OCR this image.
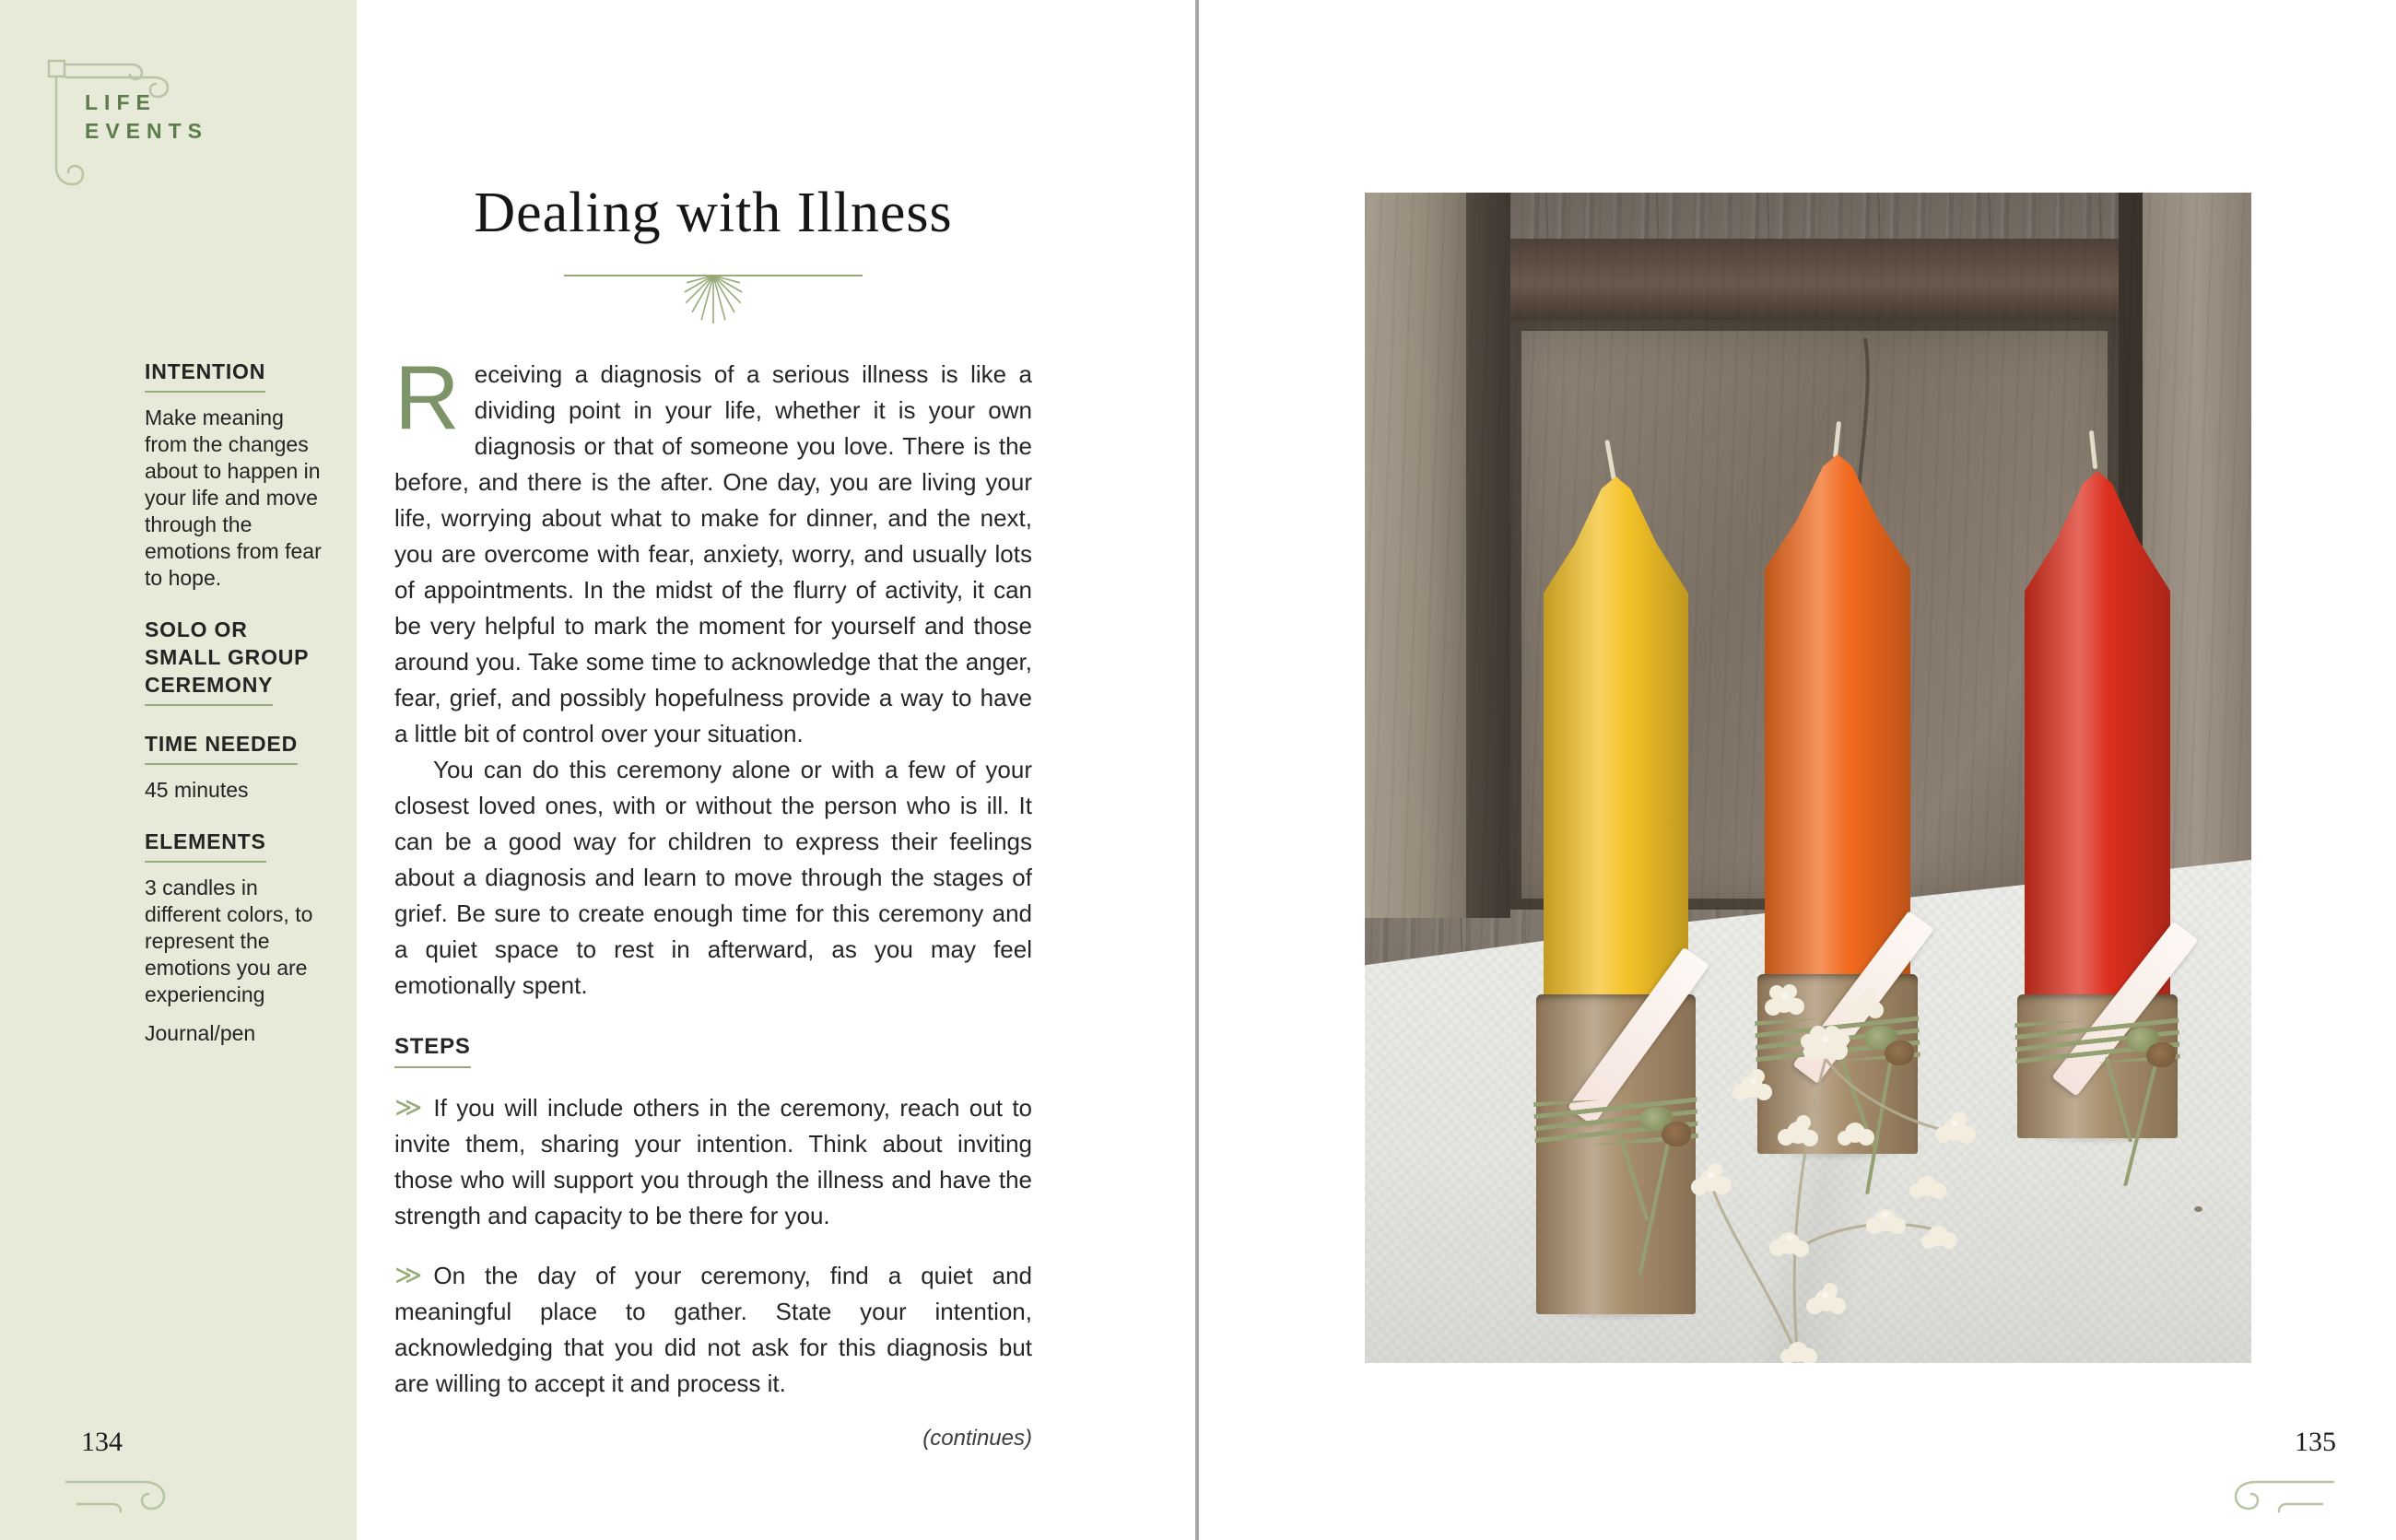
LIFE
EVENTS
INTENTION
Make meaning from the changes about to happen in your life and move through the emotions from fear to hope.
SOLO OR
SMALL GROUP
CEREMONY
TIME NEEDED
45 minutes
ELEMENTS
3 candles in different colors, to represent the emotions you are experiencing
Journal/pen
134
Dealing with Illness

Receiving a diagnosis of a serious illness is like a dividing point in your life, whether it is your own diagnosis or that of someone you love. There is the before, and there is the after. One day, you are living your life, worrying about what to make for dinner, and the next, you are overcome with fear, anxiety, worry, and usually lots of appointments. In the midst of the flurry of activity, it can be very helpful to mark the moment for yourself and those around you. Take some time to acknowledge that the anger, fear, grief, and possibly hopefulness provide a way to have a little bit of control over your situation.

You can do this ceremony alone or with a few of your closest loved ones, with or without the person who is ill. It can be a good way for children to express their feelings about a diagnosis and learn to move through the stages of grief. Be sure to create enough time for this ceremony and a quiet space to rest in afterward, as you may feel emotionally spent.

STEPS

≫ If you will include others in the ceremony, reach out to invite them, sharing your intention. Think about inviting those who will support you through the illness and have the strength and capacity to be there for you.

≫ On the day of your ceremony, find a quiet and meaningful place to gather. State your intention, acknowledging that you did not ask for this diagnosis but are willing to accept it and process it.

(continues)	135
